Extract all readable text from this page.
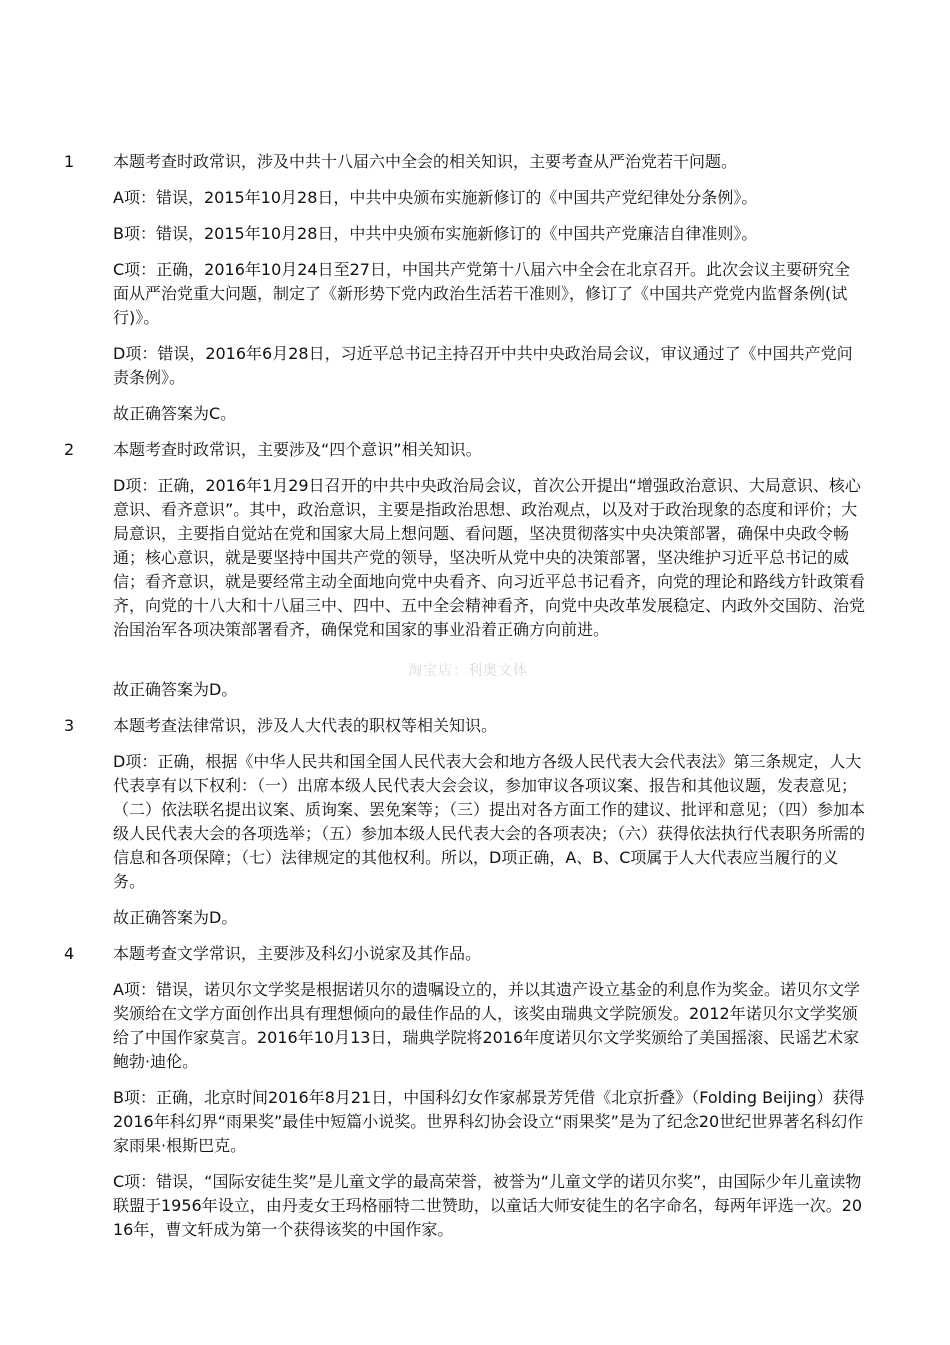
1 本题考查时政常识，涉及中共十八届六中全会的相关知识，主要考查从严治党若干问题。
A项：错误，2015年10月28日，中共中央颁布实施新修订的《中国共产党纪律处分条例》。
B项：错误，2015年10月28日，中共中央颁布实施新修订的《中国共产党廉洁自律准则》。
C项：正确，2016年10月24日至27日，中国共产党第十八届六中全会在北京召开。此次会议主要研究全面从严治党重大问题，制定了《新形势下党内政治生活若干准则》，修订了《中国共产党党内监督条例(试行)》。
D项：错误，2016年6月28日，习近平总书记主持召开中共中央政治局会议，审议通过了《中国共产党问责条例》。
故正确答案为C。
2 本题考查时政常识，主要涉及“四个意识”相关知识。
D项：正确，2016年1月29日召开的中共中央政治局会议，首次公开提出“增强政治意识、大局意识、核心意识、看齐意识”。其中，政治意识，主要是指政治思想、政治观点，以及对于政治现象的态度和评价；大局意识，主要指自觉站在党和国家大局上想问题、看问题，坚决贯彻落实中央决策部署，确保中央政令畅通；核心意识，就是要坚持中国共产党的领导，坚决听从党中央的决策部署，坚决维护习近平总书记的威信；看齐意识，就是要经常主动全面地向党中央看齐、向习近平总书记看齐，向党的理论和路线方针政策看齐，向党的十八大和十八届三中、四中、五中全会精神看齐，向党中央改革发展稳定、内政外交国防、治党治国治军各项决策部署看齐，确保党和国家的事业沿着正确方向前进。
故正确答案为D。
淘宝店：利奥文体
3 本题考查法律常识，涉及人大代表的职权等相关知识。
D项：正确，根据《中华人民共和国全国人民代表大会和地方各级人民代表大会代表法》第三条规定，人大代表享有以下权利：（一）出席本级人民代表大会会议，参加审议各项议案、报告和其他议题，发表意见；（二）依法联名提出议案、质询案、罢免案等；（三）提出对各方面工作的建议、批评和意见；（四）参加本级人民代表大会的各项选举；（五）参加本级人民代表大会的各项表决；（六）获得依法执行代表职务所需的信息和各项保障；（七）法律规定的其他权利。所以，D项正确，A、B、C项属于人大代表应当履行的义务。
故正确答案为D。
4 本题考查文学常识，主要涉及科幻小说家及其作品。
A项：错误，诺贝尔文学奖是根据诺贝尔的遗嘱设立的，并以其遗产设立基金的利息作为奖金。诺贝尔文学奖颁给在文学方面创作出具有理想倾向的最佳作品的人，该奖由瑞典文学院颁发。2012年诺贝尔文学奖颁给了中国作家莫言。2016年10月13日，瑞典学院将2016年度诺贝尔文学奖颁给了美国摇滚、民谣艺术家鲍勃·迪伦。
B项：正确，北京时间2016年8月21日，中国科幻女作家郝景芳凭借《北京折叠》（Folding Beijing）获得2016年科幻界“雨果奖”最佳中短篇小说奖。世界科幻协会设立“雨果奖”是为了纪念20世纪世界著名科幻作家雨果·根斯巴克。
C项：错误，“国际安徒生奖”是儿童文学的最高荣誉，被誉为“儿童文学的诺贝尔奖”，由国际少年儿童读物联盟于1956年设立，由丹麦女王玛格丽特二世赞助，以童话大师安徒生的名字命名，每两年评选一次。2016年，曹文轩成为第一个获得该奖的中国作家。
